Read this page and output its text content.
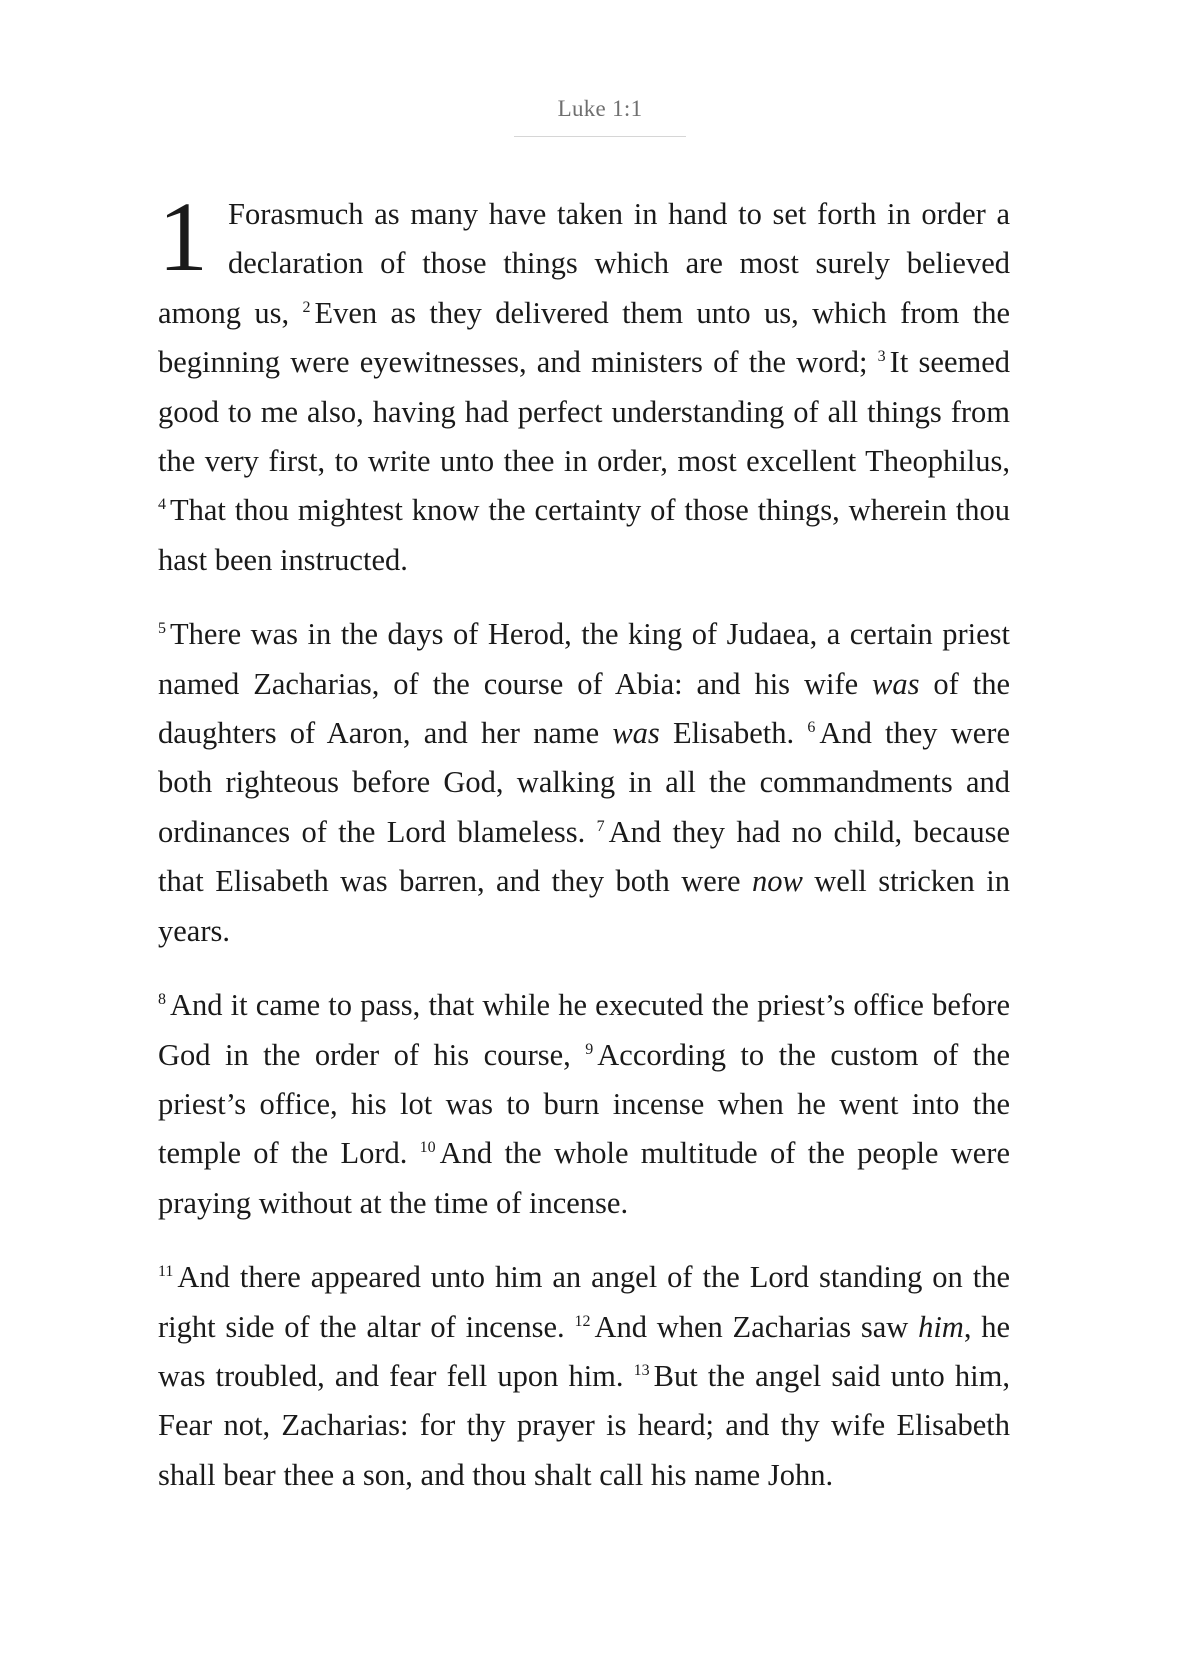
Luke 1:1

1 Forasmuch as many have taken in hand to set forth in order a declaration of those things which are most surely believed among us, $^2$ Even as they delivered them unto us, which from the beginning were eyewitnesses, and ministers of the word; $^3$ It seemed good to me also, having had perfect understanding of all things from the very first, to write unto thee in order, most excellent Theophilus, $^4$ That thou mightest know the certainty of those things, wherein thou hast been instructed.

$^5$ There was in the days of Herod, the king of Judaea, a certain priest named Zacharias, of the course of Abia: and his wife was of the daughters of Aaron, and her name was Elisabeth. $^6$ And they were both righteous before God, walking in all the commandments and ordinances of the Lord blameless. $^7$ And they had no child, because that Elisabeth was barren, and they both were now well stricken in years.

$^8$ And it came to pass, that while he executed the priest’s office before God in the order of his course, $^9$ According to the custom of the priest’s office, his lot was to burn incense when he went into the temple of the Lord. $^{10}$ And the whole multitude of the people were praying without at the time of incense.

$^{11}$ And there appeared unto him an angel of the Lord standing on the right side of the altar of incense. $^{12}$ And when Zacharias saw him, he was troubled, and fear fell upon him. $^{13}$ But the angel said unto him, Fear not, Zacharias: for thy prayer is heard; and thy wife Elisabeth shall bear thee a son, and thou shalt call his name John.
